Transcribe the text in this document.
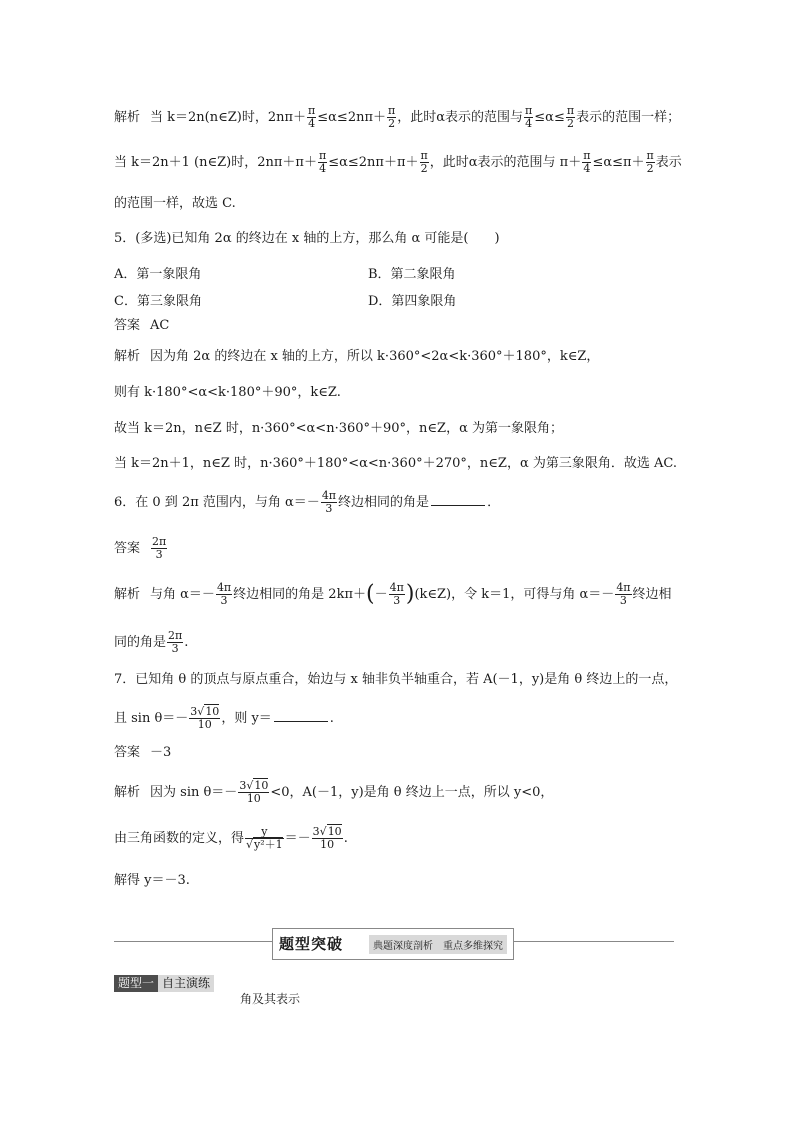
解析 当 k＝2n(n∈Z)时，$2n\pi+ \frac{\pi}{4} \le\alpha\le 2n\pi+ \frac{\pi}{2}$ ，此时α表示的范围与 $\frac{\pi}{4} \le\alpha\le \frac{\pi}{2}$ 表示的范围一样；
当 k＝2n＋1 (n∈Z)时，$2n\pi+\pi+ \frac{\pi}{4} \le\alpha\le 2n\pi+\pi+ \frac{\pi}{2}$ ，此时α表示的范围与 $\pi+ \frac{\pi}{4} \le\alpha\le\pi+ \frac{\pi}{2}$ 表示
的范围一样，故选 C.
5．(多选)已知角 2α 的终边在 x 轴的上方，那么角 α 可能是(　　)
A．第一象限角	B．第二象限角
C．第三象限角	D．第四象限角
答案 AC
解析 因为角 2α 的终边在 x 轴的上方，所以 k·360°<2α<k·360°＋180°，k∈Z，
则有 k·180°<α<k·180°＋90°，k∈Z.
故当 k＝2n，n∈Z 时，n·360°<α<n·360°＋90°，n∈Z，α 为第一象限角；
当 k＝2n＋1，n∈Z 时，n·360°＋180°<α<n·360°＋270°，n∈Z，α 为第三象限角．故选 AC.
6．在 0 到 2π 范围内，与角 $\alpha=- \frac{4\pi}{3}$ 终边相同的角是	．
答案 $\frac{2\pi}{3}$
解析 与角 $\alpha=- \frac{4\pi}{3}$ 终边相同的角是 $2k\pi+(- \frac{4\pi}{3}$ )(k∈Z)，令 k＝1，可得与角 $\alpha=- \frac{4\pi}{3}$ 终边相
同的角是 $\frac{2\pi}{3}$ .
7．已知角 θ 的顶点与原点重合，始边与 x 轴非负半轴重合，若 A(－1，y)是角 θ 终边上的一点，
且 $\sin \theta=- \frac{3√10}{10}$ ，则 y＝	.
答案 －3
解析 因为 $\sin \theta=- \frac{3√10}{10} <0$，A(－1，y)是角 θ 终边上一点，所以 y<0，
由三角函数的定义，得 $\frac{y}{\text{√y²＋1}} =- \frac{3√10}{10}$ .
解得 y＝－3.
题型突破	典题深度剖析　重点多维探究
题型一 自主演练
角及其表示
